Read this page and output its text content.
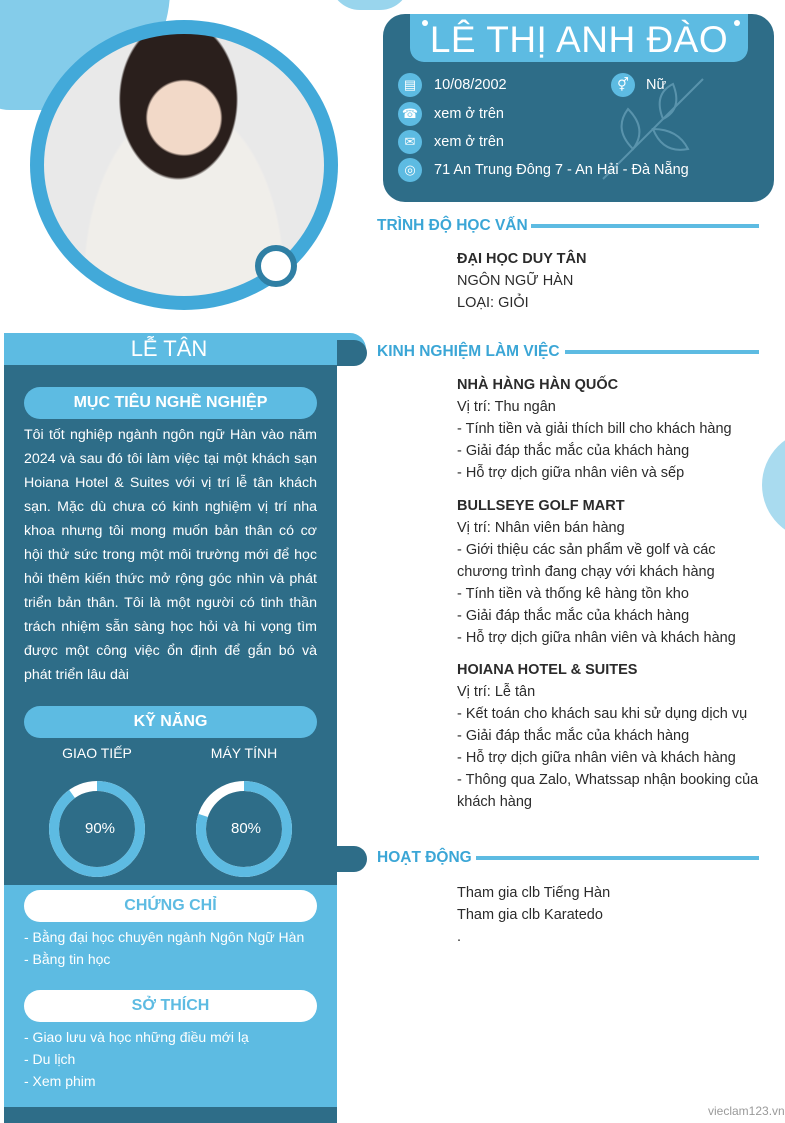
LÊ THỊ ANH ĐÀO
▤	10/08/2002	⚥	Nữ
☎ xem ở trên
✉	xem ở trên
◎	71 An Trung Đông 7 - An Hải - Đà Nẵng
LỄ TÂN
MỤC TIÊU NGHỀ NGHIỆP
Tôi tốt nghiệp ngành ngôn ngữ Hàn vào năm 2024 và sau đó tôi làm việc tại một khách sạn Hoiana Hotel & Suites với vị trí lễ tân khách sạn. Mặc dù chưa có kinh nghiệm vị trí nha khoa nhưng tôi mong muốn bản thân có cơ hội thử sức trong một môi trường mới để học hỏi thêm kiến thức mở rộng góc nhìn và phát triển bản thân. Tôi là một người có tinh thần trách nhiệm sẵn sàng học hỏi và hi vọng tìm được một công việc ổn định để gắn bó và phát triển lâu dài
KỸ NĂNG
GIAO TIẾP	MÁY TÍNH
90%	80%
CHỨNG CHỈ
- Bằng đại học chuyên ngành Ngôn Ngữ Hàn
- Bằng tin học
SỞ THÍCH
- Giao lưu và học những điều mới lạ
- Du lịch
- Xem phim
TRÌNH ĐỘ HỌC VẤN
ĐẠI HỌC DUY TÂN
NGÔN NGỮ HÀN
LOẠI: GIỎI
KINH NGHIỆM LÀM VIỆC
NHÀ HÀNG HÀN QUỐC
Vị trí: Thu ngân
- Tính tiền và giải thích bill cho khách hàng
- Giải đáp thắc mắc của khách hàng
- Hỗ trợ dịch giữa nhân viên và sếp
BULLSEYE GOLF MART
Vị trí: Nhân viên bán hàng
- Giới thiệu các sản phẩm về golf và các chương trình đang chạy với khách hàng
- Tính tiền và thống kê hàng tồn kho
- Giải đáp thắc mắc của khách hàng
- Hỗ trợ dịch giữa nhân viên và khách hàng
HOIANA HOTEL & SUITES
Vị trí: Lễ tân
- Kết toán cho khách sau khi sử dụng dịch vụ
- Giải đáp thắc mắc của khách hàng
- Hỗ trợ dịch giữa nhân viên và khách hàng
- Thông qua Zalo, Whatssap nhận booking của khách hàng
HOẠT ĐỘNG
Tham gia clb Tiếng Hàn
Tham gia clb Karatedo
.
vieclam123.vn
